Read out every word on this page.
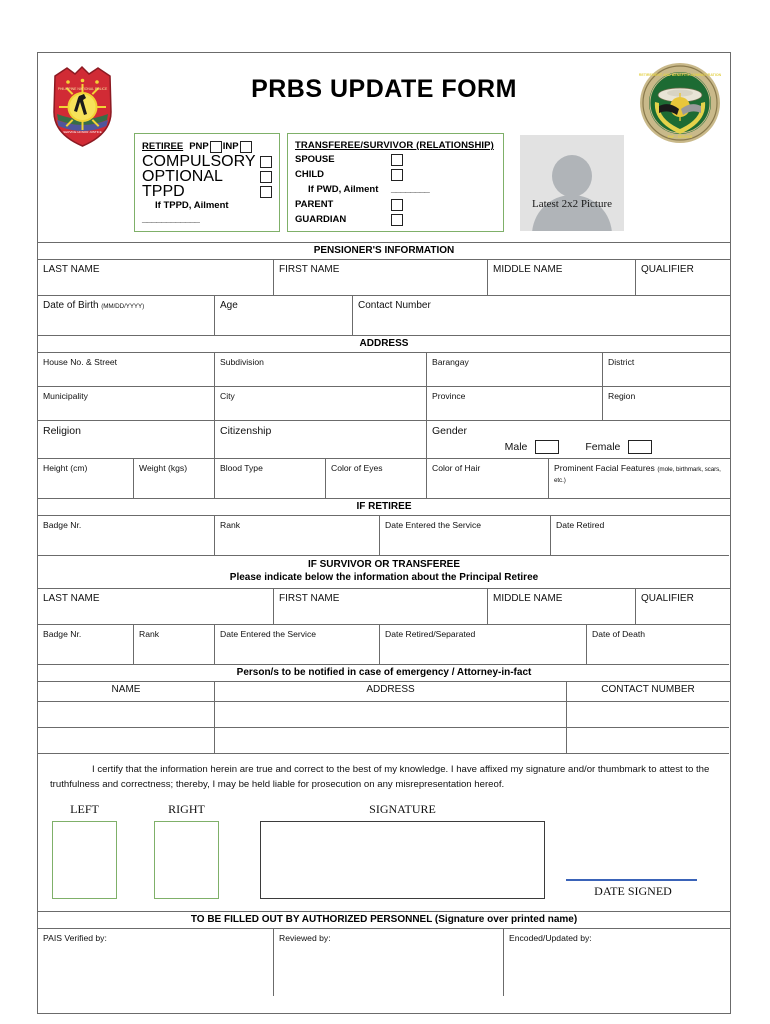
PHILIPPINE NATIONAL POLICE
SERVICE HONOR JUSTICE
PRBS UPDATE FORM	RETIREMENT AND BENEFITS ADMINISTRATION
PNP • SERVICE
RETIREE PNP INP
COMPULSORY
OPTIONAL
TPPD
If TPPD, Ailment
____________
TRANSFEREE/SURVIVOR (RELATIONSHIP)
SPOUSE
CHILD
If PWD, Ailment	________
PARENT
GUARDIAN
Latest 2x2 Picture
PENSIONER'S INFORMATION
LAST NAME	FIRST NAME	MIDDLE NAME	QUALIFIER
Date of Birth (MM/DD/YYYY)	Age	Contact Number
ADDRESS
House No. & Street	Subdivision	Barangay	District
Municipality	City	Province	Region
Religion	Citizenship	Gender
Male	Female
Height (cm)	Weight (kgs)	Blood Type	Color of Eyes	Color of Hair	Prominent Facial Features (mole, birthmark, scars, etc.)
IF RETIREE
Badge Nr.	Rank	Date Entered the Service	Date Retired
IF SURVIVOR OR TRANSFEREE
Please indicate below the information about the Principal Retiree
LAST NAME	FIRST NAME	MIDDLE NAME	QUALIFIER
Badge Nr.	Rank	Date Entered the Service	Date Retired/Separated	Date of Death
Person/s to be notified in case of emergency / Attorney-in-fact
NAME	ADDRESS	CONTACT NUMBER
I certify that the information herein are true and correct to the best of my knowledge. I have affixed my signature and/or thumbmark to attest to the truthfulness and correctness; thereby, I may be held liable for prosecution on any misrepresentation hereof.
LEFT	RIGHT	SIGNATURE
DATE SIGNED
TO BE FILLED OUT BY AUTHORIZED PERSONNEL (Signature over printed name)
PAIS Verified by:	Reviewed by:	Encoded/Updated by:
